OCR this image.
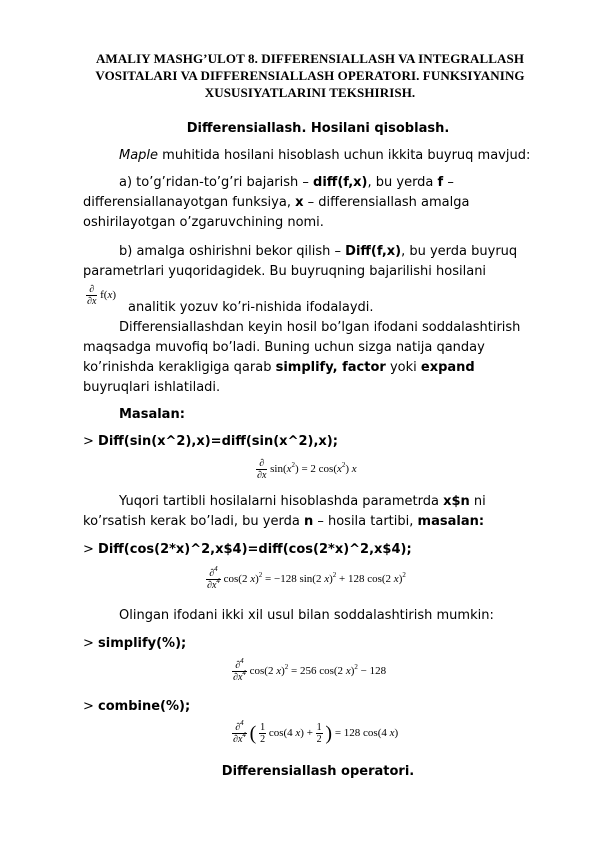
AMALIY MASHG’ULOT 8. DIFFERENSIALLASH VA INTEGRALLASH
VOSITALARI VA DIFFERENSIALLASH OPERATORI. FUNKSIYANING
XUSUSIYATLARINI TEKSHIRISH.
Differensiallash. Hosilani qisoblash.
Maple muhitida hosilani hisoblash uchun ikkita buyruq mavjud:
a) to’g’ridan-to’g’ri bajarish – diff(f,x), bu yerda f –
differensiallanayotgan funksiya, x – differensiallash amalga
oshirilayotgan o’zgaruvchining nomi.
b) amalga oshirishni bekor qilish – Diff(f,x), bu yerda buyruq
parametrlari yuqoridagidek. Bu buyruqning bajarilishi hosilani
$\frac{\partial}{\partial x} f(x)$
analitik yozuv ko’ri-nishida ifodalaydi.
Differensiallashdan keyin hosil bo’lgan ifodani soddalashtirish
maqsadga muvofiq bo’ladi. Buning uchun sizga natija qanday
ko’rinishda kerakligiga qarab simplify, factor yoki expand
buyruqlari ishlatiladi.
Masalan:
> Diff(sin(x^2),x)=diff(sin(x^2),x);
$\frac{\partial}{\partial x} \sin(x^2) = 2$ $\cos(x^2)$ x
Yuqori tartibli hosilalarni hisoblashda parametrda x$n ni
ko’rsatish kerak bo’ladi, bu yerda n – hosila tartibi, masalan:
> Diff(cos(2*x)^2,x$4)=diff(cos(2*x)^2,x$4);
$\frac{\partial^4}{\partial x^4} \cos(2$ x)$^2$ = −128 sin(2 x)$^2$ + 128 cos(2 x)$^2$
Olingan ifodani ikki xil usul bilan soddalashtirish mumkin:
> simplify(%);
$\frac{\partial^4}{\partial x^4} \cos(2$ x)$^2$ = 256 cos(2 x)$^2$ − 128
> combine(%);
$\frac{\partial^4}{\partial x^4}$ ( $\frac{1}{2} \cos(4$ $x) + \frac{1}{2}$ ) = 128 cos(4 x)
Differensiallash operatori.
